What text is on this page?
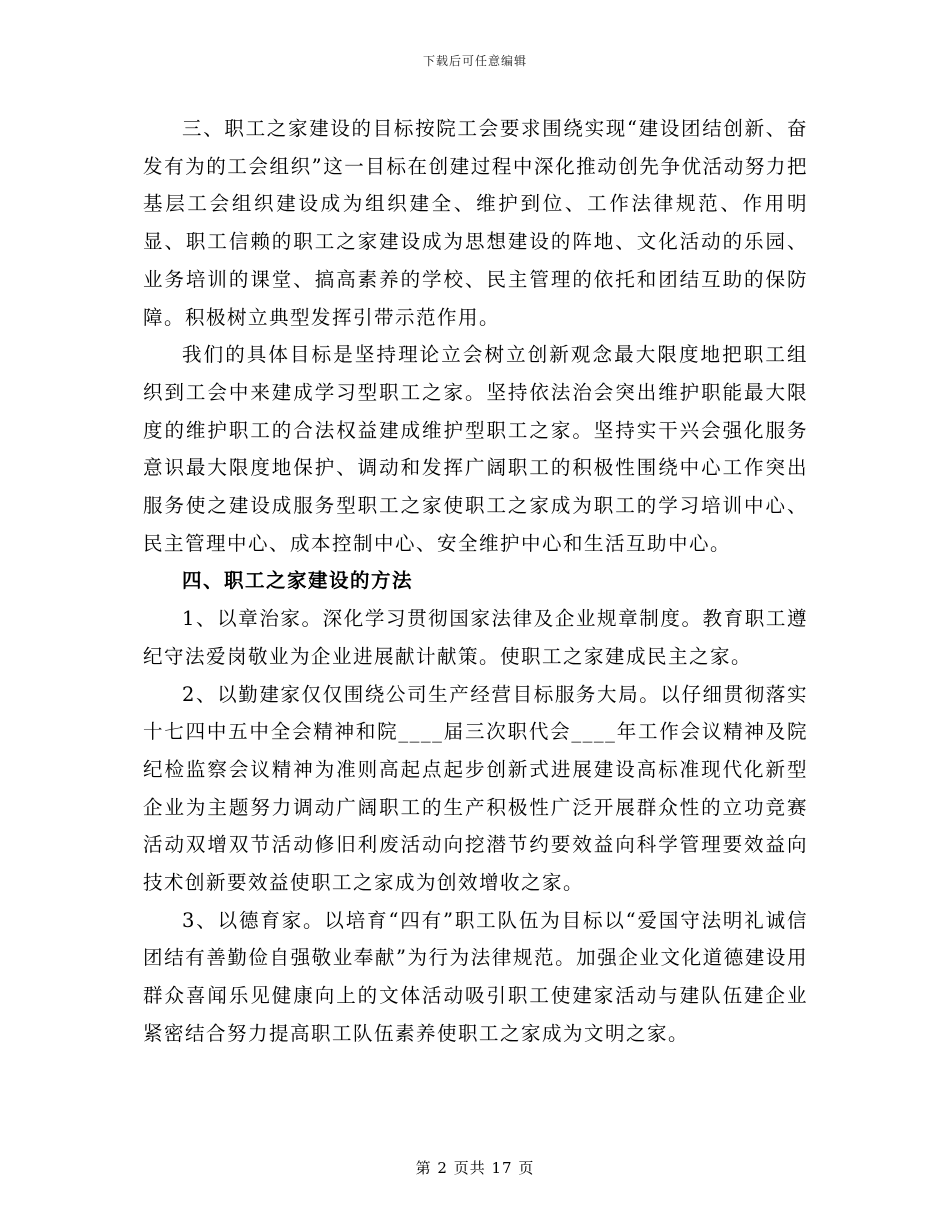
下载后可任意编辑

三、职工之家建设的目标按院工会要求围绕实现“建设团结创新、奋发有为的工会组织”这一目标在创建过程中深化推动创先争优活动努力把基层工会组织建设成为组织建全、维护到位、工作法律规范、作用明显、职工信赖的职工之家建设成为思想建设的阵地、文化活动的乐园、业务培训的课堂、搞高素养的学校、民主管理的依托和团结互助的保防障。积极树立典型发挥引带示范作用。

我们的具体目标是坚持理论立会树立创新观念最大限度地把职工组织到工会中来建成学习型职工之家。坚持依法治会突出维护职能最大限度的维护职工的合法权益建成维护型职工之家。坚持实干兴会强化服务意识最大限度地保护、调动和发挥广阔职工的积极性围绕中心工作突出服务使之建设成服务型职工之家使职工之家成为职工的学习培训中心、民主管理中心、成本控制中心、安全维护中心和生活互助中心。

四、职工之家建设的方法

1、以章治家。深化学习贯彻国家法律及企业规章制度。教育职工遵纪守法爱岗敬业为企业进展献计献策。使职工之家建成民主之家。

2、以勤建家仅仅围绕公司生产经营目标服务大局。以仔细贯彻落实十七四中五中全会精神和院____届三次职代会____年工作会议精神及院纪检监察会议精神为准则高起点起步创新式进展建设高标准现代化新型企业为主题努力调动广阔职工的生产积极性广泛开展群众性的立功竞赛活动双增双节活动修旧利废活动向挖潜节约要效益向科学管理要效益向技术创新要效益使职工之家成为创效增收之家。

3、以德育家。以培育“四有”职工队伍为目标以“爱国守法明礼诚信团结有善勤俭自强敬业奉献”为行为法律规范。加强企业文化道德建设用群众喜闻乐见健康向上的文体活动吸引职工使建家活动与建队伍建企业紧密结合努力提高职工队伍素养使职工之家成为文明之家。

第 2 页共 17 页
